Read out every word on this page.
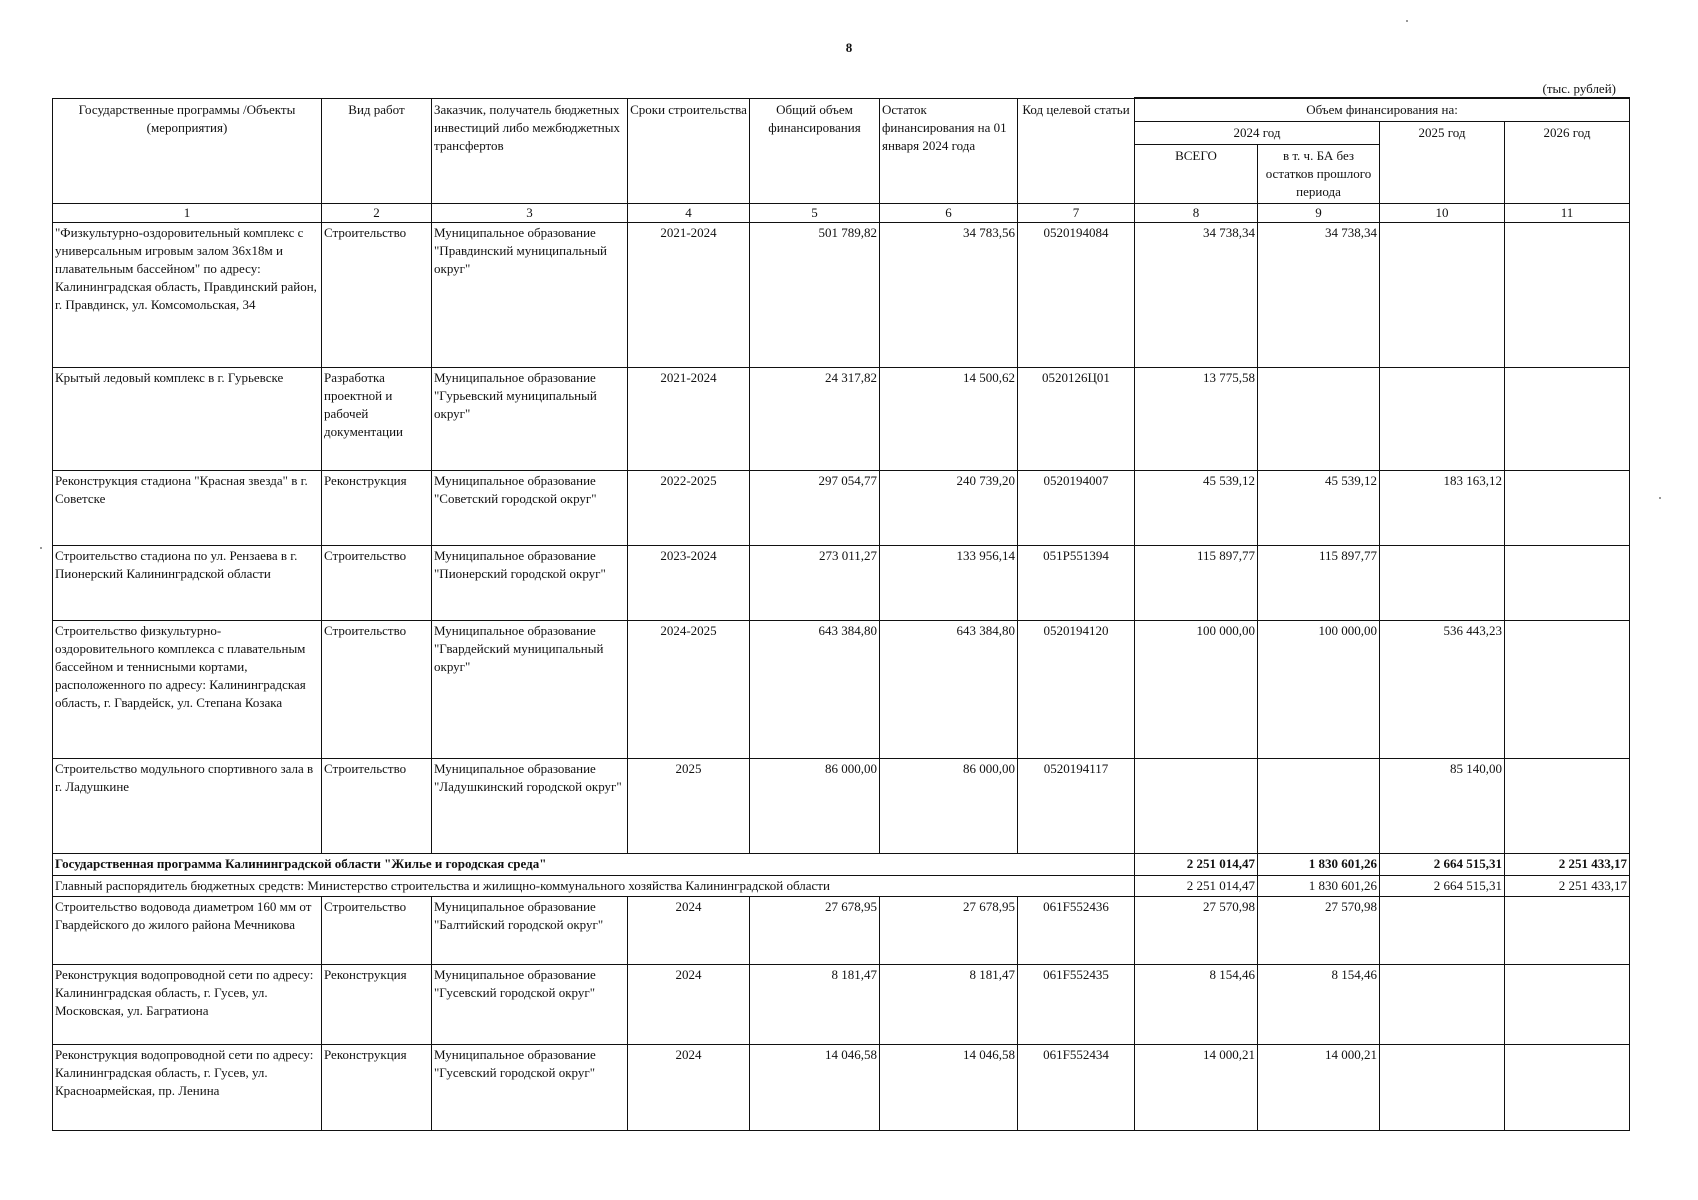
8
(тыс. рублей)
Государственные программы /Объекты (мероприятия)	Вид работ	Заказчик, получатель бюджетных инвестиций либо межбюджетных трансфертов	Сроки строительства	Общий объем финансирования	Остаток финансирования на 01 января 2024 года	Код целевой статьи	Объем финансирования на:			
							2024 год		2025 год	2026 год
							ВСЕГО	в т. ч. БА без остатков прошлого периода		
1	2	3	4	5	6	7	8	9	10	11
"Физкультурно-оздоровительный комплекс с универсальным игровым залом 36х18м и плавательным бассейном" по адресу: Калининградская область, Правдинский район, г. Правдинск, ул. Комсомольская, 34	Строительство	Муниципальное образование "Правдинский муниципальный округ"	2021-2024	501 789,82	34 783,56	0520194084	34 738,34	34 738,34		
Крытый ледовый комплекс в г. Гурьевске	Разработка проектной и рабочей документации	Муниципальное образование "Гурьевский муниципальный округ"	2021-2024	24 317,82	14 500,62	0520126Ц01	13 775,58			
Реконструкция стадиона "Красная звезда" в г. Советске	Реконструкция	Муниципальное образование "Советский городской округ"	2022-2025	297 054,77	240 739,20	0520194007	45 539,12	45 539,12	183 163,12	
Строительство стадиона по ул. Рензаева в г. Пионерский Калининградской области	Строительство	Муниципальное образование "Пионерский городской округ"	2023-2024	273 011,27	133 956,14	051P551394	115 897,77	115 897,77		
Строительство физкультурно-оздоровительного комплекса с плавательным бассейном и теннисными кортами, расположенного по адресу: Калининградская область, г. Гвардейск, ул. Степана Козака	Строительство	Муниципальное образование "Гвардейский муниципальный округ"	2024-2025	643 384,80	643 384,80	0520194120	100 000,00	100 000,00	536 443,23	
Строительство модульного спортивного зала в г. Ладушкине	Строительство	Муниципальное образование "Ладушкинский городской округ"	2025	86 000,00	86 000,00	0520194117			85 140,00	
Государственная программа Калининградской области "Жилье и городская среда"							2 251 014,47	1 830 601,26	2 664 515,31	2 251 433,17
Главный распорядитель бюджетных средств: Министерство строительства и жилищно-коммунального хозяйства Калининградской области							2 251 014,47	1 830 601,26	2 664 515,31	2 251 433,17
Строительство водовода диаметром 160 мм от Гвардейского до жилого района Мечникова	Строительство	Муниципальное образование "Балтийский городской округ"	2024	27 678,95	27 678,95	061F552436	27 570,98	27 570,98		
Реконструкция водопроводной сети по адресу: Калининградская область, г. Гусев, ул. Московская, ул. Багратиона	Реконструкция	Муниципальное образование "Гусевский городской округ"	2024	8 181,47	8 181,47	061F552435	8 154,46	8 154,46		
Реконструкция водопроводной сети по адресу: Калининградская область, г. Гусев, ул. Красноармейская, пр. Ленина	Реконструкция	Муниципальное образование "Гусевский городской округ"	2024	14 046,58	14 046,58	061F552434	14 000,21	14 000,21		
